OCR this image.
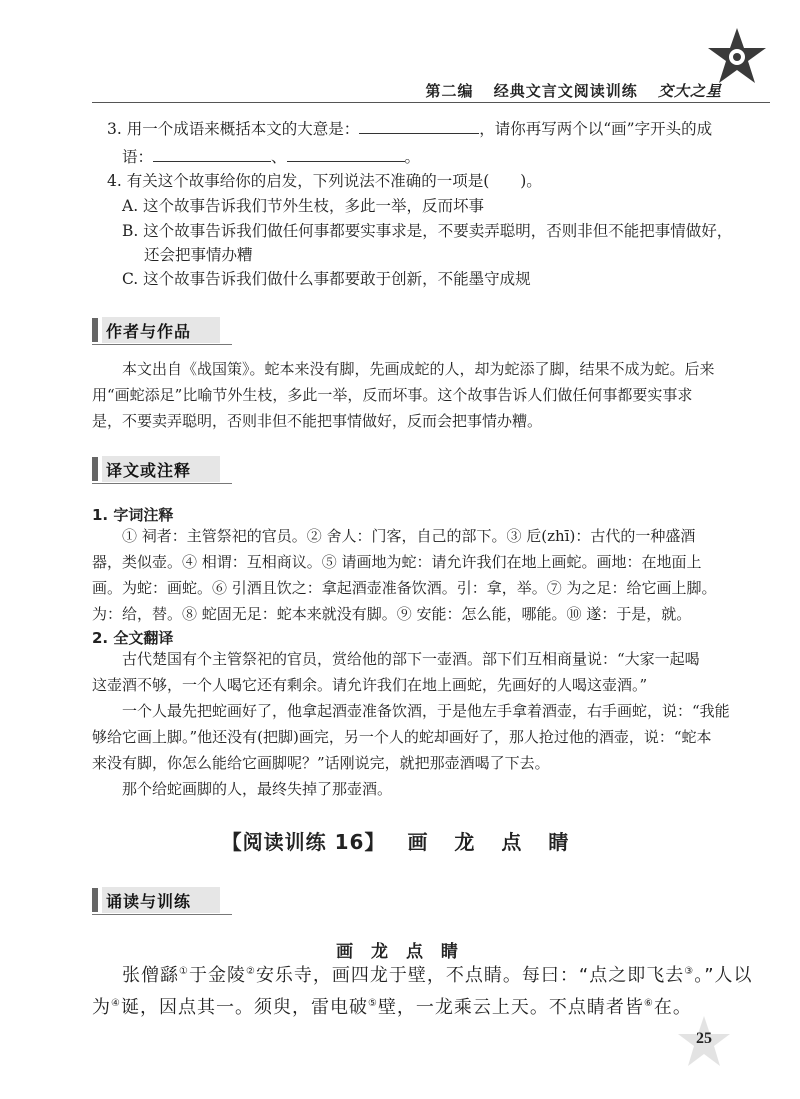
第二编 经典文言文阅读训练 交大之星
3. 用一个成语来概括本文的大意是：	，请你再写两个以“画”字开头的成
语：	、	。
4. 有关这个故事给你的启发，下列说法不准确的一项是(　　)。
A. 这个故事告诉我们节外生枝，多此一举，反而坏事
B. 这个故事告诉我们做任何事都要实事求是，不要卖弄聪明，否则非但不能把事情做好，
还会把事情办糟
C. 这个故事告诉我们做什么事都要敢于创新，不能墨守成规
作者与作品
本文出自《战国策》。蛇本来没有脚，先画成蛇的人，却为蛇添了脚，结果不成为蛇。后来
用“画蛇添足”比喻节外生枝，多此一举，反而坏事。这个故事告诉人们做任何事都要实事求
是，不要卖弄聪明，否则非但不能把事情做好，反而会把事情办糟。
译文或注释
1. 字词注释
① 祠者：主管祭祀的官员。② 舍人：门客，自己的部下。③ 卮(zhī)：古代的一种盛酒
器，类似壶。④ 相谓：互相商议。⑤ 请画地为蛇：请允许我们在地上画蛇。画地：在地面上
画。为蛇：画蛇。⑥ 引酒且饮之：拿起酒壶准备饮酒。引：拿，举。⑦ 为之足：给它画上脚。
为：给，替。⑧ 蛇固无足：蛇本来就没有脚。⑨ 安能：怎么能，哪能。⑩ 遂：于是，就。
2. 全文翻译
古代楚国有个主管祭祀的官员，赏给他的部下一壶酒。部下们互相商量说：“大家一起喝
这壶酒不够，一个人喝它还有剩余。请允许我们在地上画蛇，先画好的人喝这壶酒。”
一个人最先把蛇画好了，他拿起酒壶准备饮酒，于是他左手拿着酒壶，右手画蛇，说：“我能
够给它画上脚。”他还没有(把脚)画完，另一个人的蛇却画好了，那人抢过他的酒壶，说：“蛇本
来没有脚，你怎么能给它画脚呢？”话刚说完，就把那壶酒喝了下去。
那个给蛇画脚的人，最终失掉了那壶酒。
【阅读训练 16】 画 龙 点 睛
诵读与训练
画 龙 点 睛
张僧繇①于金陵②安乐寺，画四龙于壁，不点睛。每曰：“点之即飞去③。”人以
为④诞，因点其一。须臾，雷电破⑤壁，一龙乘云上天。不点睛者皆⑥在。
25
